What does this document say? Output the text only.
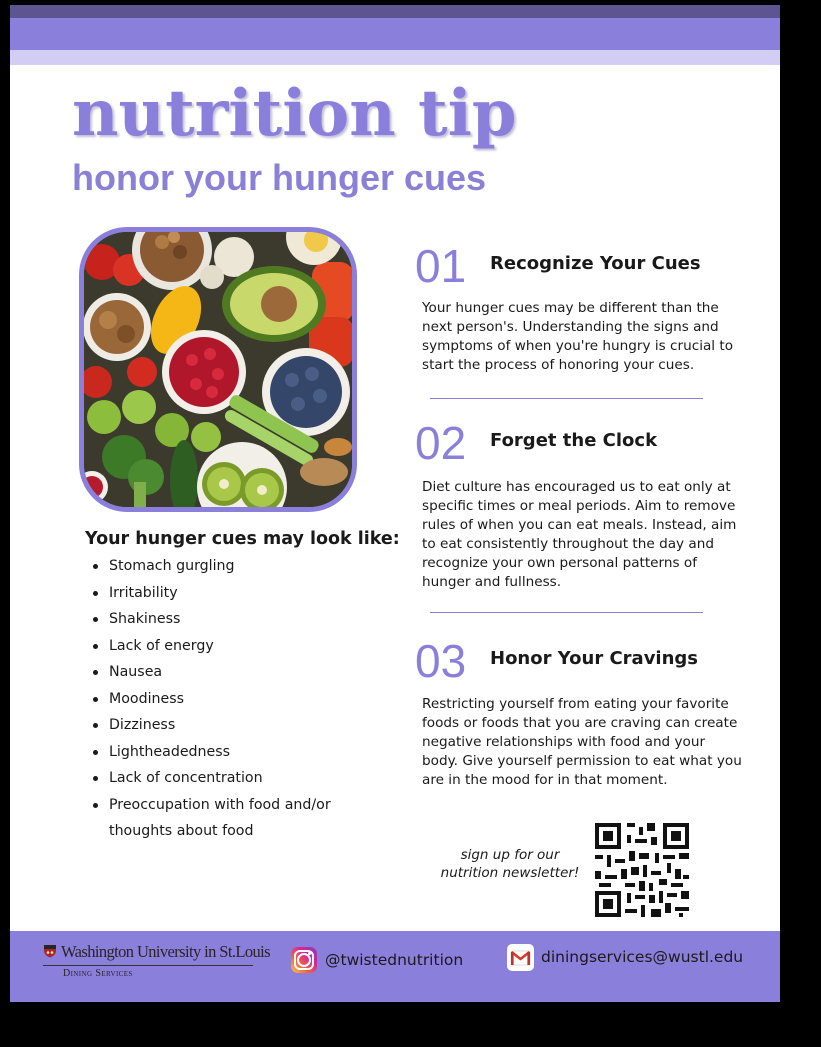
nutrition tip
honor your hunger cues
Your hunger cues may look like:
Stomach gurgling
Irritability
Shakiness
Lack of energy
Nausea
Moodiness
Dizziness
Lightheadedness
Lack of concentration
Preoccupation with food and/or thoughts about food
01 Recognize Your Cues

Your hunger cues may be different than the next person's. Understanding the signs and symptoms of when you're hungry is crucial to start the process of honoring your cues.

02 Forget the Clock

Diet culture has encouraged us to eat only at specific times or meal periods. Aim to remove rules of when you can eat meals. Instead, aim to eat consistently throughout the day and recognize your own personal patterns of hunger and fullness.

03 Honor Your Cravings

Restricting yourself from eating your favorite foods or foods that you are craving can create negative relationships with food and your body. Give yourself permission to eat what you are in the mood for in that moment.

sign up for our nutrition newsletter!

Washington University in St.Louis
Dining Services
@twistednutrition	diningservices@wustl.edu
